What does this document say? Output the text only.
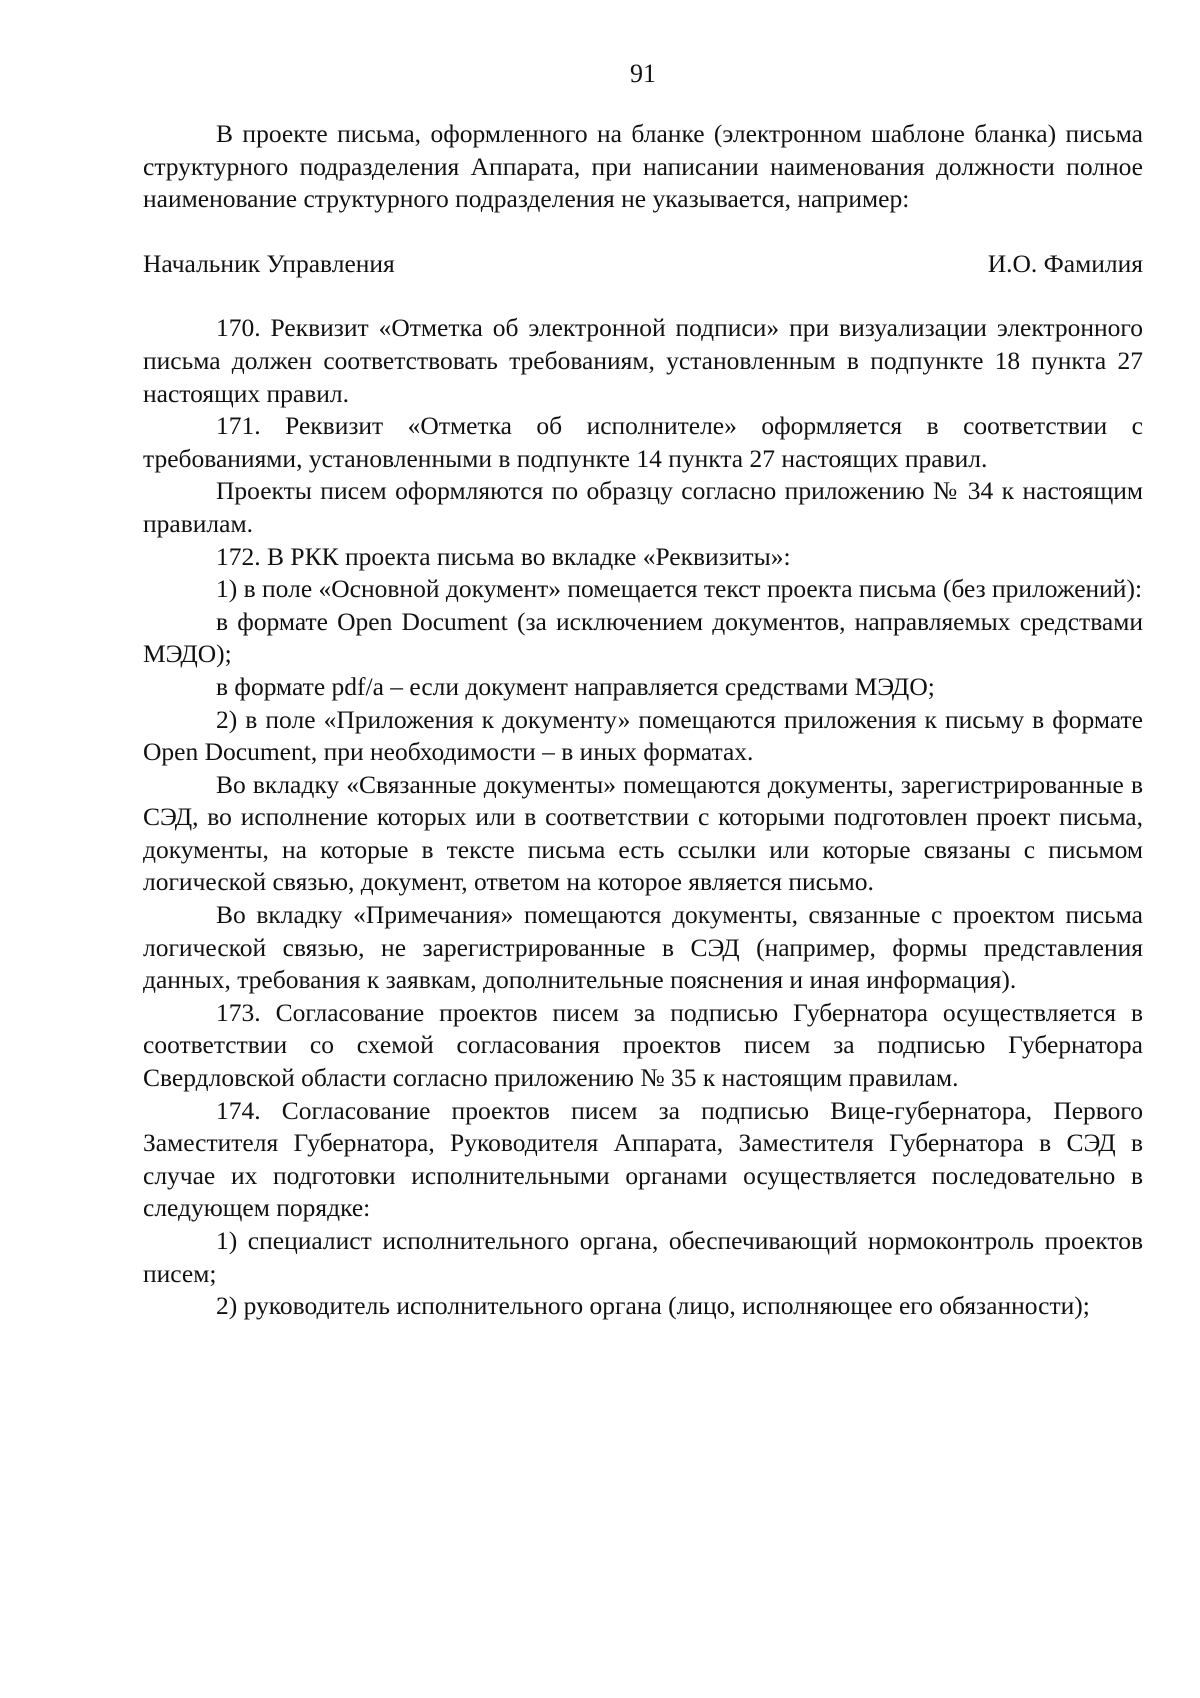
91

В проекте письма, оформленного на бланке (электронном шаблоне бланка) письма структурного подразделения Аппарата, при написании наименования должности полное наименование структурного подразделения не указывается, например:

Начальник Управления	И.О. Фамилия

170. Реквизит «Отметка об электронной подписи» при визуализации электронного письма должен соответствовать требованиям, установленным в подпункте 18 пункта 27 настоящих правил.

171. Реквизит «Отметка об исполнителе» оформляется в соответствии с требованиями, установленными в подпункте 14 пункта 27 настоящих правил.

Проекты писем оформляются по образцу согласно приложению № 34 к настоящим правилам.

172. В РКК проекта письма во вкладке «Реквизиты»:

1) в поле «Основной документ» помещается текст проекта письма (без приложений):

в формате Open Document (за исключением документов, направляемых средствами МЭДО);

в формате pdf/a – если документ направляется средствами МЭДО;

2) в поле «Приложения к документу» помещаются приложения к письму в формате Open Document, при необходимости – в иных форматах.

Во вкладку «Связанные документы» помещаются документы, зарегистрированные в СЭД, во исполнение которых или в соответствии с которыми подготовлен проект письма, документы, на которые в тексте письма есть ссылки или которые связаны с письмом логической связью, документ, ответом на которое является письмо.

Во вкладку «Примечания» помещаются документы, связанные с проектом письма логической связью, не зарегистрированные в СЭД (например, формы представления данных, требования к заявкам, дополнительные пояснения и иная информация).

173. Согласование проектов писем за подписью Губернатора осуществляется в соответствии со схемой согласования проектов писем за подписью Губернатора Свердловской области согласно приложению № 35 к настоящим правилам.

174. Согласование проектов писем за подписью Вице-губернатора, Первого Заместителя Губернатора, Руководителя Аппарата, Заместителя Губернатора в СЭД в случае их подготовки исполнительными органами осуществляется последовательно в следующем порядке:

1) специалист исполнительного органа, обеспечивающий нормоконтроль проектов писем;

2) руководитель исполнительного органа (лицо, исполняющее его обязанности);
